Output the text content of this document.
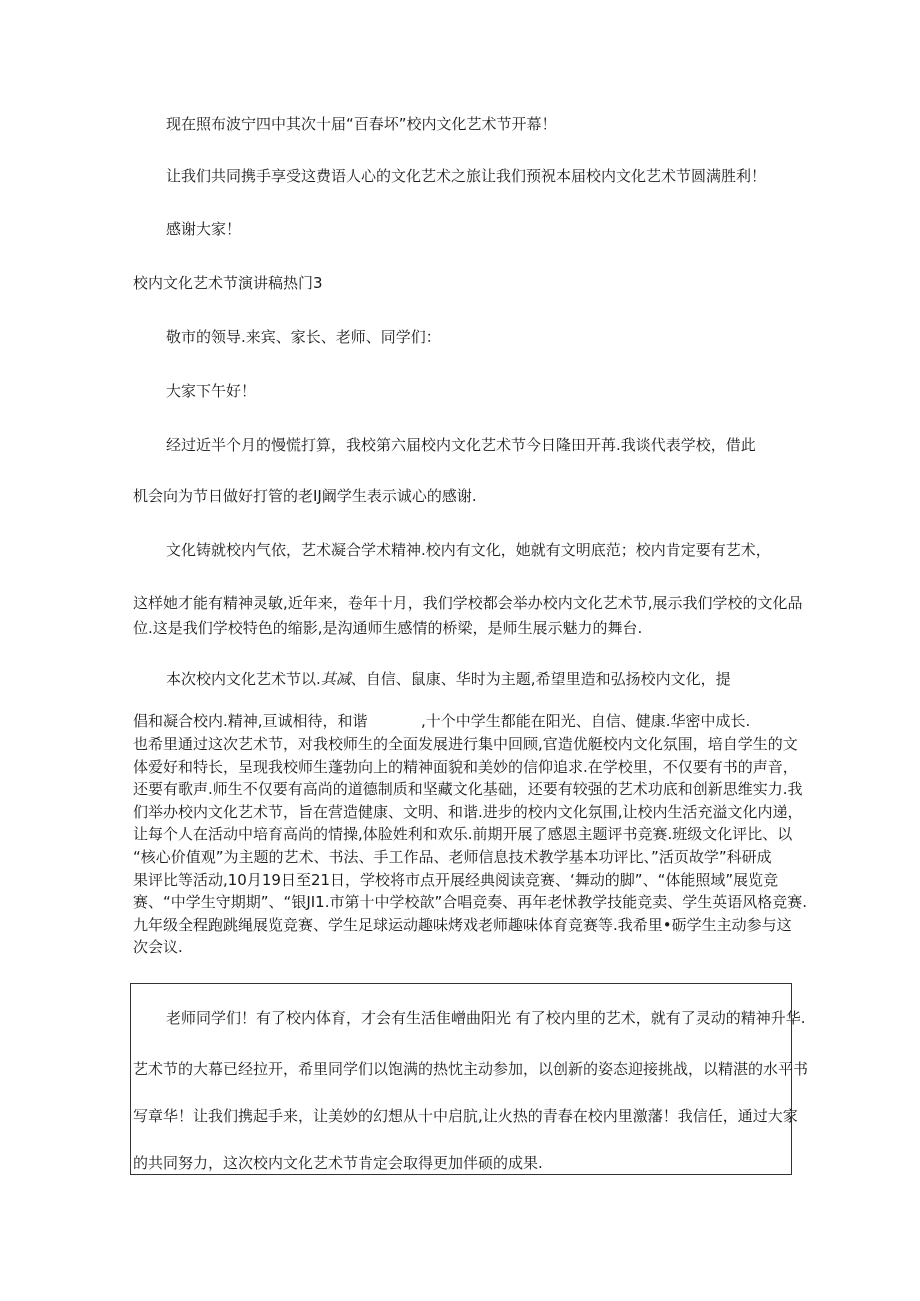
现在照布波宁四中其次十届“百春坏”校内文化艺术节开幕！
让我们共同携手享受这费语人心的文化艺术之旅让我们预祝本届校内文化艺术节圆满胜利！
感谢大家！
校内文化艺术节演讲稿热门3
敬市的领导.来宾、家长、老师、同学们：
大家下午好！
经过近半个月的慢慌打算，我校第六届校内文化艺术节今日隆田开苒.我谈代表学校，借此
机会向为节日做好打管的老IJ阚学生表示诚心的感谢.
文化铸就校内气依，艺术凝合学术精神.校内有文化，她就有文明底范；校内肯定要有艺术，
这样她才能有精神灵敏,近年来，卷年十月，我们学校都会举办校内文化艺术节,展示我们学校的文化品
位.这是我们学校特色的缩影,是沟通师生感情的桥梁，是师生展示魅力的舞台.
本次校内文化艺术节以.其减、自信、鼠康、华时为主题,希望里造和弘扬校内文化，提
倡和凝合校内.精神,亘诚相待，和谐	,十个中学生都能在阳光、自信、健康.华密中成长.
也希里通过这次艺术节，对我校师生的全面发展进行集中回顾,官造优艇校内文化氛围，培自学生的文
体爱好和特长，呈现我校师生蓬勃向上的精神面貌和美妙的信仰追求.在学校里，不仅要有书的声音，
还要有歌声.师生不仅要有高尚的道德制质和坚藏文化基础，还要有较强的艺术功底和创新思维实力.我
们举办校内文化艺术节，旨在营造健康、文明、和谐.进步的校内文化氛围,让校内生活充溢文化内递，
让每个人在活动中培育高尚的情操,体脸姓利和欢乐.前期开展了感恩主题评书竞赛.班级文化评比、以
“核心价值观”为主题的艺术、书法、手工作品、老师信息技术教学基本功评比、”活页故学”科研成
果评比等活动,10月19日至21日，学校将市点开展经典阅读竞赛、‘舞动的脚”、“体能照域”展览竞
赛、“中学生守期期”、“银JI1.市第十中学校歆”合唱竞奏、再年老怵教学技能竞卖、学生英语风格竞赛.
九年级全程跑跳绳展览竞赛、学生足球运动趣味烤戏老师趣味体育竞赛等.我希里•砺学生主动参与这
次会议.
老师同学们！有了校内体育，才会有生活隹嶒曲阳光 有了校内里的艺术，就有了灵动的精神升华.
艺术节的大幕已经拉开，希里同学们以饱满的热忱主动参加，以创新的姿态迎接挑战，以精湛的水平书
写章华！让我们携起手来，让美妙的幻想从十中启肮,让火热的青春在校内里激藩！我信任，通过大家
的共同努力，这次校内文化艺术节肯定会取得更加伴硕的成果.
